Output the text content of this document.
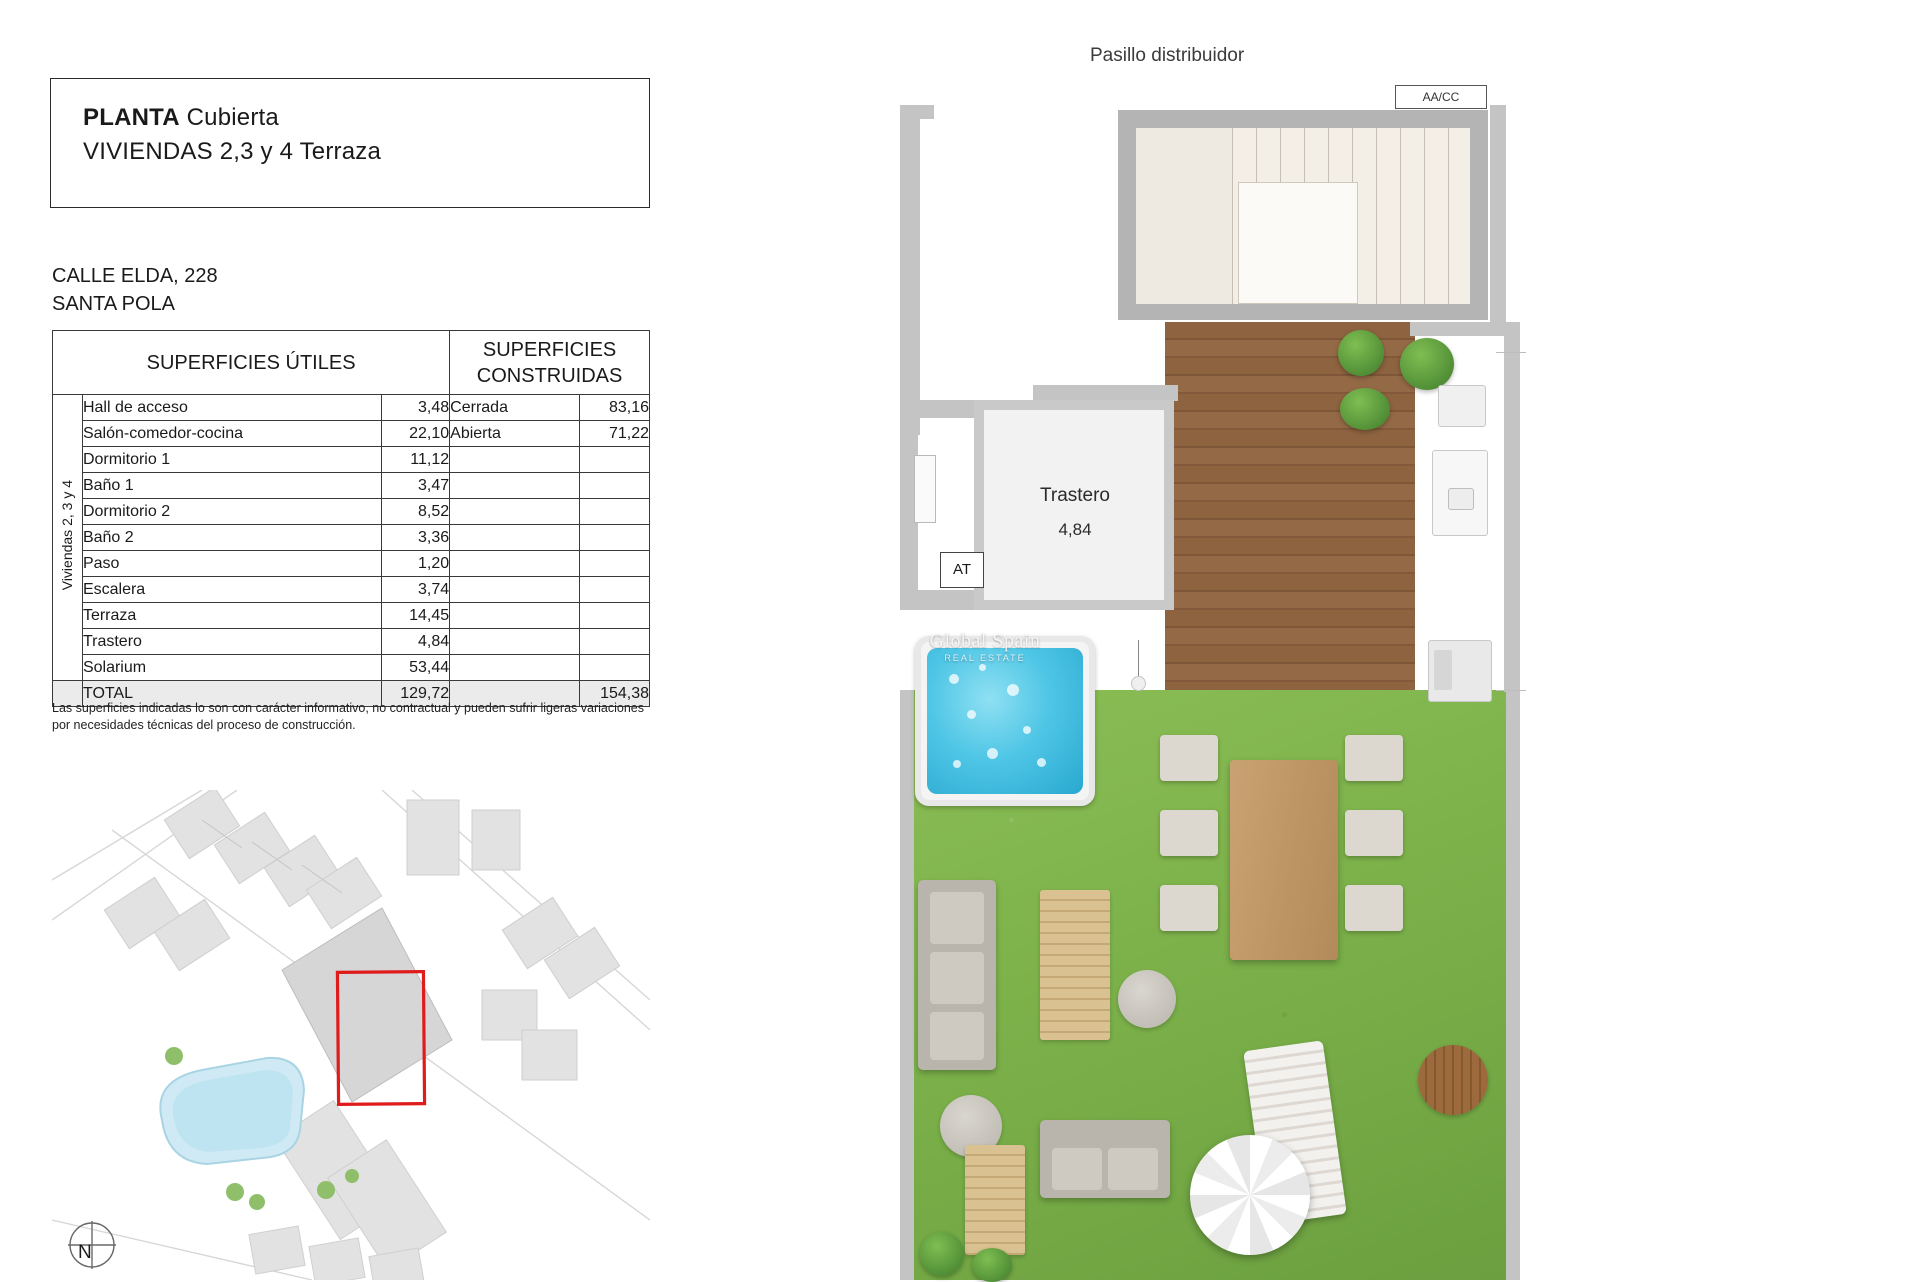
PLANTA Cubierta
VIVIENDAS 2,3 y 4 Terraza
CALLE ELDA, 228
SANTA POLA
SUPERFICIES ÚTILES			SUPERFICIES
CONSTRUIDAS	
Viviendas 2, 3 y 4	Hall de acceso	3,48	Cerrada	83,16
	Salón-comedor-cocina	22,10	Abierta	71,22
	Dormitorio 1	11,12		
	Baño 1	3,47		
	Dormitorio 2	8,52		
	Baño 2	3,36		
	Paso	1,20		
	Escalera	3,74		
	Terraza	14,45		
	Trastero	4,84		
	Solarium	53,44		
	TOTAL	129,72		154,38
Las superficies indicadas lo son con carácter informativo, no contractual y pueden sufrir ligeras variaciones por necesidades técnicas del proceso de construcción.
N
Pasillo distribuidor
AA/CC
Trastero
4,84
AT
Global Spain
REAL ESTATE
